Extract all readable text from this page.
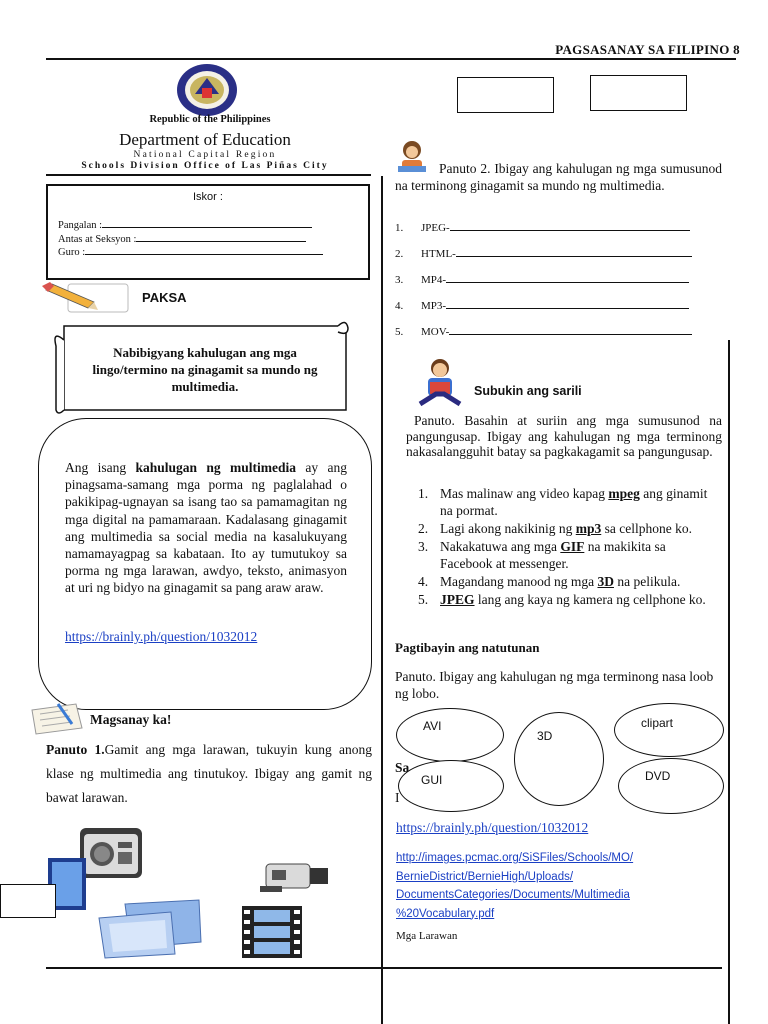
PAGSASANAY SA FILIPINO 8
Republic of the Philippines
Department of Education
National Capital Region
Schools Division Office of Las Piñas City
Iskor :
Pangalan :
Antas at Seksyon :
Guro :
PAKSA
Nabibigyang kahulugan ang mga lingo/termino na ginagamit sa mundo ng multimedia.
Ang isang kahulugan ng multimedia ay ang pinagsama-samang mga porma ng paglalahad o pakikipag-ugnayan sa isang tao sa pamamagitan ng mga digital na pamamaraan. Kadalasang ginagamit ang multimedia sa social media na kasalukuyang namamayagpag sa kabataan. Ito ay tumutukoy sa porma ng mga larawan, awdyo, teksto, animasyon at uri ng bidyo na ginagamit sa pang araw araw.
https://brainly.ph/question/1032012
Magsanay ka!
Panuto 1.Gamit ang mga larawan, tukuyin kung anong klase ng multimedia ang tinutukoy. Ibigay ang gamit ng bawat larawan.
Panuto 2. Ibigay ang kahulugan ng mga sumusunod na terminong ginagamit sa mundo ng multimedia.
1. JPEG-
2. HTML-
3. MP4-
4. MP3-
5. MOV-
Subukin ang sarili
Panuto. Basahin at suriin ang mga sumusunod na pangungusap. Ibigay ang kahulugan ng mga terminong nakasalangguhit batay sa pagkakagamit sa pangungusap.
1. Mas malinaw ang video kapag mpeg ang ginamit na pormat.
2. Lagi akong nakikinig ng mp3 sa cellphone ko.
3. Nakakatuwa ang mga GIF na makikita sa Facebook at messenger.
4. Magandang manood ng mga 3D na pelikula.
5. JPEG lang ang kaya ng kamera ng cellphone ko.
Pagtibayin ang natutunan
Panuto. Ibigay ang kahulugan ng mga terminong nasa loob ng lobo.
Sa
I
AVI
3D
clipart
GUI	DVD
https://brainly.ph/question/1032012
http://images.pcmac.org/SiSFiles/Schools/MO/
BernieDistrict/BernieHigh/Uploads/
DocumentsCategories/Documents/Multimedia
%20Vocabulary.pdf
Mga Larawan
